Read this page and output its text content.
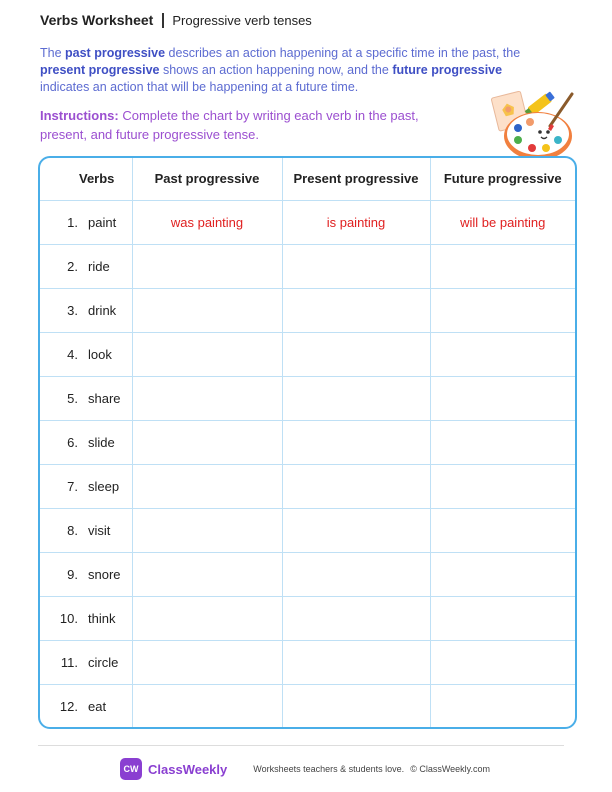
Verbs Worksheet Progressive verb tenses

The past progressive describes an action happening at a specific time in the past, the present progressive shows an action happening now, and the future progressive indicates an action that will be happening at a future time.

Instructions: Complete the chart by writing each verb in the past, present, and future progressive tense.

Verbs	Past progressive	Present progressive	Future progressive
1. paint	was painting	is painting	will be painting
2. ride			
3. drink			
4. look			
5. share			
6. slide			
7. sleep			
8. visit			
9. snore			
10. think			
11. circle			
12. eat			
CW ClassWeekly	Worksheets teachers & students love. © ClassWeekly.com
